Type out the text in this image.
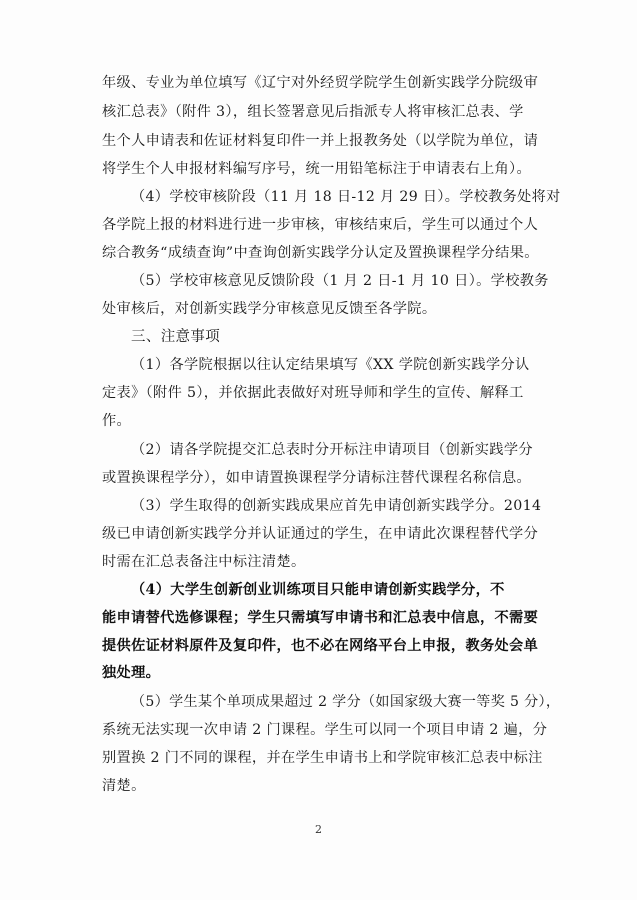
年级、专业为单位填写《辽宁对外经贸学院学生创新实践学分院级审
核汇总表》（附件 3），组长签署意见后指派专人将审核汇总表、学
生个人申请表和佐证材料复印件一并上报教务处（以学院为单位，请
将学生个人申报材料编写序号，统一用铅笔标注于申请表右上角）。
（4）学校审核阶段（11 月 18 日-12 月 29 日）。学校教务处将对
各学院上报的材料进行进一步审核，审核结束后，学生可以通过个人
综合教务“成绩查询”中查询创新实践学分认定及置换课程学分结果。
（5）学校审核意见反馈阶段（1 月 2 日-1 月 10 日）。学校教务
处审核后，对创新实践学分审核意见反馈至各学院。
三、注意事项
（1）各学院根据以往认定结果填写《XX 学院创新实践学分认
定表》（附件 5），并依据此表做好对班导师和学生的宣传、解释工
作。
（2）请各学院提交汇总表时分开标注申请项目（创新实践学分
或置换课程学分），如申请置换课程学分请标注替代课程名称信息。
（3）学生取得的创新实践成果应首先申请创新实践学分。2014
级已申请创新实践学分并认证通过的学生，在申请此次课程替代学分
时需在汇总表备注中标注清楚。
（4）大学生创新创业训练项目只能申请创新实践学分，不
能申请替代选修课程；学生只需填写申请书和汇总表中信息，不需要
提供佐证材料原件及复印件，也不必在网络平台上申报，教务处会单
独处理。
（5）学生某个单项成果超过 2 学分（如国家级大赛一等奖 5 分），
系统无法实现一次申请 2 门课程。学生可以同一个项目申请 2 遍，分
别置换 2 门不同的课程，并在学生申请书上和学院审核汇总表中标注
清楚。
2
